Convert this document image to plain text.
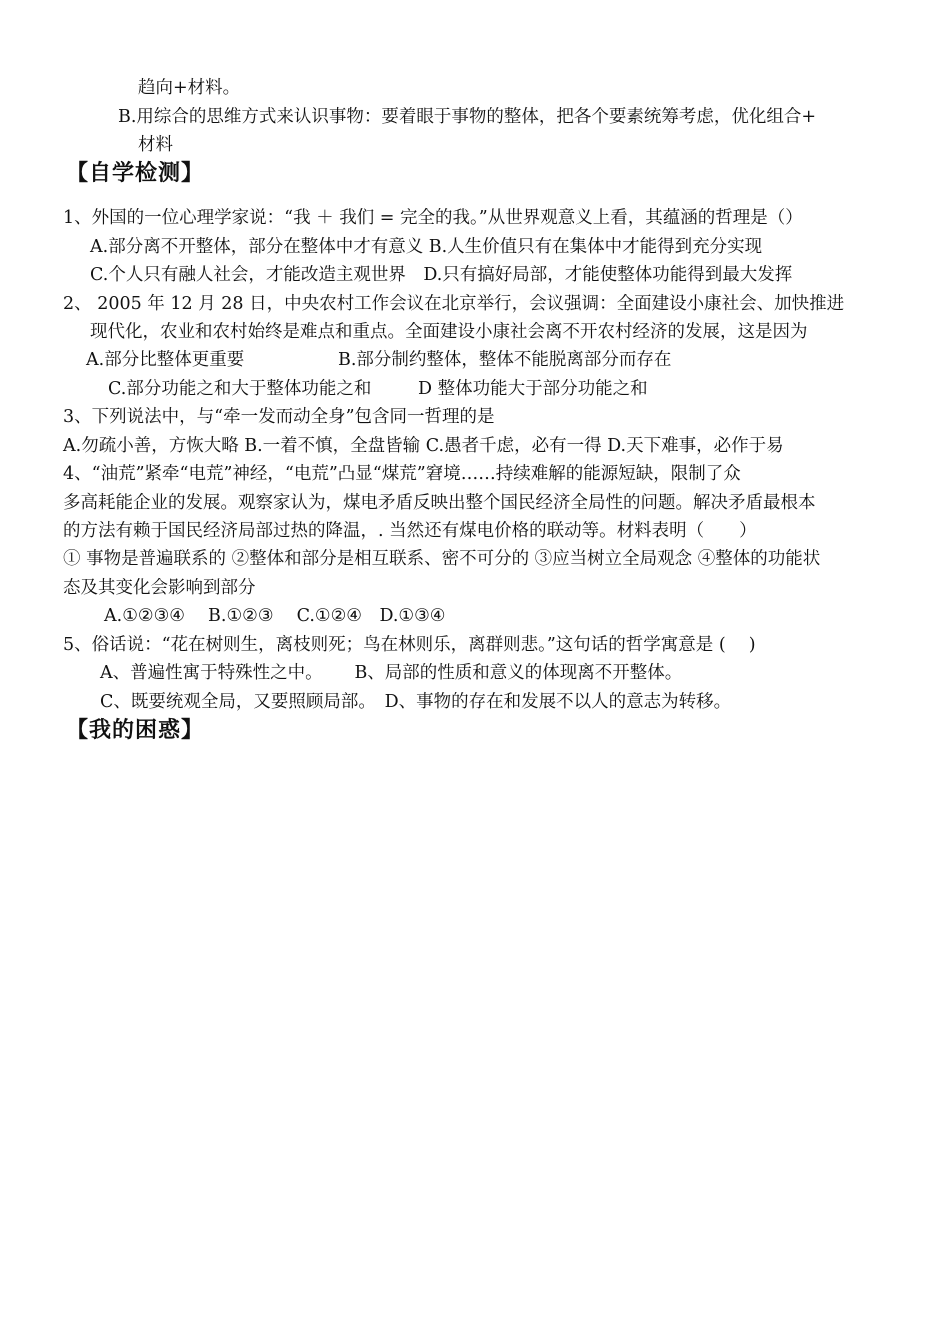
趋向+材料。
B.用综合的思维方式来认识事物：要着眼于事物的整体，把各个要素统筹考虑，优化组合+
材料
【自学检测】
1、外国的一位心理学家说：“我 ＋ 我们 = 完全的我。”从世界观意义上看，其蕴涵的哲理是（）
A.部分离不开整体，部分在整体中才有意义 B.人生价值只有在集体中才能得到充分实现
C.个人只有融人社会，才能改造主观世界　D.只有搞好局部，才能使整体功能得到最大发挥
2、 2005 年 12 月 28 日，中央农村工作会议在北京举行，会议强调：全面建设小康社会、加快推进
现代化，农业和农村始终是难点和重点。全面建设小康社会离不开农村经济的发展，这是因为
A.部分比整体更重要	B.部分制约整体，整体不能脱离部分而存在
C.部分功能之和大于整体功能之和	D 整体功能大于部分功能之和
3、下列说法中，与“牵一发而动全身”包含同一哲理的是
A.勿疏小善，方恢大略 B.一着不慎，全盘皆输 C.愚者千虑，必有一得 D.天下难事，必作于易
4、“油荒”紧牵“电荒”神经，“电荒”凸显“煤荒”窘境……持续难解的能源短缺，限制了众
多高耗能企业的发展。观察家认为，煤电矛盾反映出整个国民经济全局性的问题。解决矛盾最根本
的方法有赖于国民经济局部过热的降温，. 当然还有煤电价格的联动等。材料表明（　　）
① 事物是普遍联系的 ②整体和部分是相互联系、密不可分的 ③应当树立全局观念 ④整体的功能状
态及其变化会影响到部分
A.①②③④　 B.①②③　 C.①②④　D.①③④
5、俗话说：“花在树则生，离枝则死；鸟在林则乐，离群则悲。”这句话的哲学寓意是 (　 )
A、普遍性寓于特殊性之中。　　 B、局部的性质和意义的体现离不开整体。
C、既要统观全局，又要照顾局部。　D、事物的存在和发展不以人的意志为转移。
【我的困惑】
